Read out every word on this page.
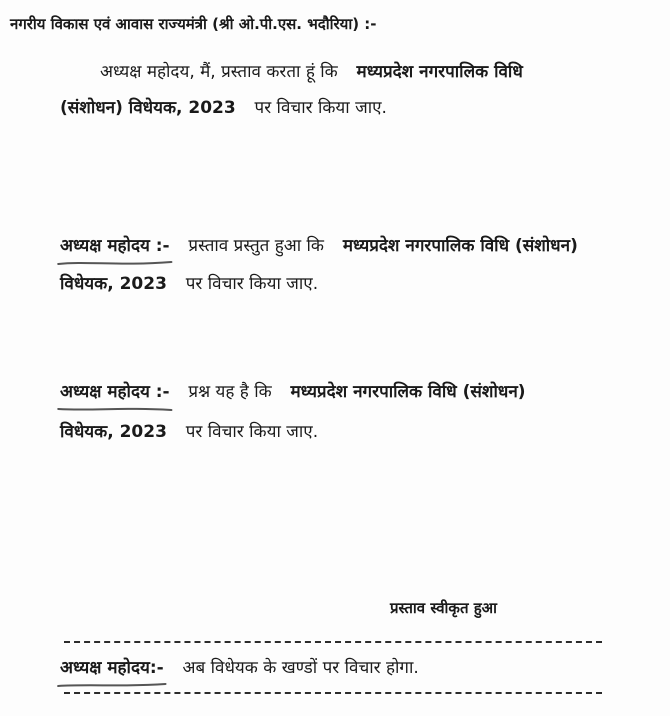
नगरीय विकास एवं आवास राज्यमंत्री (श्री ओ.पी.एस. भदौरिया) :-
अध्यक्ष महोदय, मैं, प्रस्ताव करता हूं कि मध्यप्रदेश नगरपालिक विधि
(संशोधन) विधेयक, 2023 पर विचार किया जाए.
अध्यक्ष महोदय :- प्रस्ताव प्रस्तुत हुआ कि मध्यप्रदेश नगरपालिक विधि (संशोधन)
विधेयक, 2023 पर विचार किया जाए.
अध्यक्ष महोदय :- प्रश्न यह है कि मध्यप्रदेश नगरपालिक विधि (संशोधन)
विधेयक, 2023 पर विचार किया जाए.
प्रस्ताव स्वीकृत हुआ
अध्यक्ष महोदय:- अब विधेयक के खण्डों पर विचार होगा.
